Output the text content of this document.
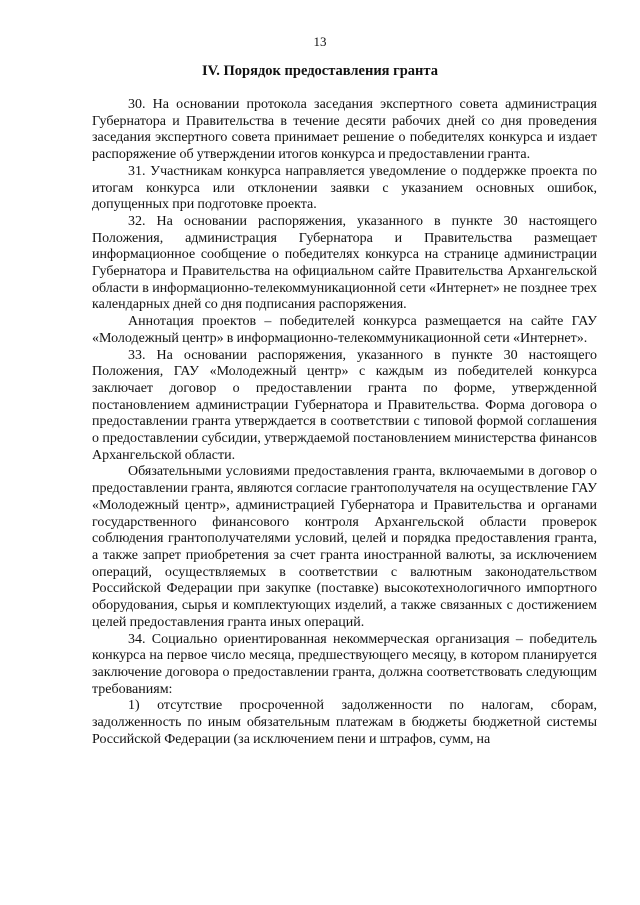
13
IV. Порядок предоставления гранта

30. На основании протокола заседания экспертного совета администрация Губернатора и Правительства в течение десяти рабочих дней со дня проведения заседания экспертного совета принимает решение о победителях конкурса и издает распоряжение об утверждении итогов конкурса и предоставлении гранта.

31. Участникам конкурса направляется уведомление о поддержке проекта по итогам конкурса или отклонении заявки с указанием основных ошибок, допущенных при подготовке проекта.

32. На основании распоряжения, указанного в пункте 30 настоящего Положения, администрация Губернатора и Правительства размещает информационное сообщение о победителях конкурса на странице администрации Губернатора и Правительства на официальном сайте Правительства Архангельской области в информационно-телекоммуникационной сети «Интернет» не позднее трех календарных дней со дня подписания распоряжения.

Аннотация проектов – победителей конкурса размещается на сайте ГАУ «Молодежный центр» в информационно-телекоммуникационной сети «Интернет».

33. На основании распоряжения, указанного в пункте 30 настоящего Положения, ГАУ «Молодежный центр» с каждым из победителей конкурса заключает договор о предоставлении гранта по форме, утвержденной постановлением администрации Губернатора и Правительства. Форма договора о предоставлении гранта утверждается в соответствии с типовой формой соглашения о предоставлении субсидии, утверждаемой постановлением министерства финансов Архангельской области.

Обязательными условиями предоставления гранта, включаемыми в договор о предоставлении гранта, являются согласие грантополучателя на осуществление ГАУ «Молодежный центр», администрацией Губернатора и Правительства и органами государственного финансового контроля Архангельской области проверок соблюдения грантополучателями условий, целей и порядка предоставления гранта, а также запрет приобретения за счет гранта иностранной валюты, за исключением операций, осуществляемых в соответствии с валютным законодательством Российской Федерации при закупке (поставке) высокотехнологичного импортного оборудования, сырья и комплектующих изделий, а также связанных с достижением целей предоставления гранта иных операций.

34. Социально ориентированная некоммерческая организация – победитель конкурса на первое число месяца, предшествующего месяцу, в котором планируется заключение договора о предоставлении гранта, должна соответствовать следующим требованиям:

1) отсутствие просроченной задолженности по налогам, сборам, задолженность по иным обязательным платежам в бюджеты бюджетной системы Российской Федерации (за исключением пени и штрафов, сумм, на
